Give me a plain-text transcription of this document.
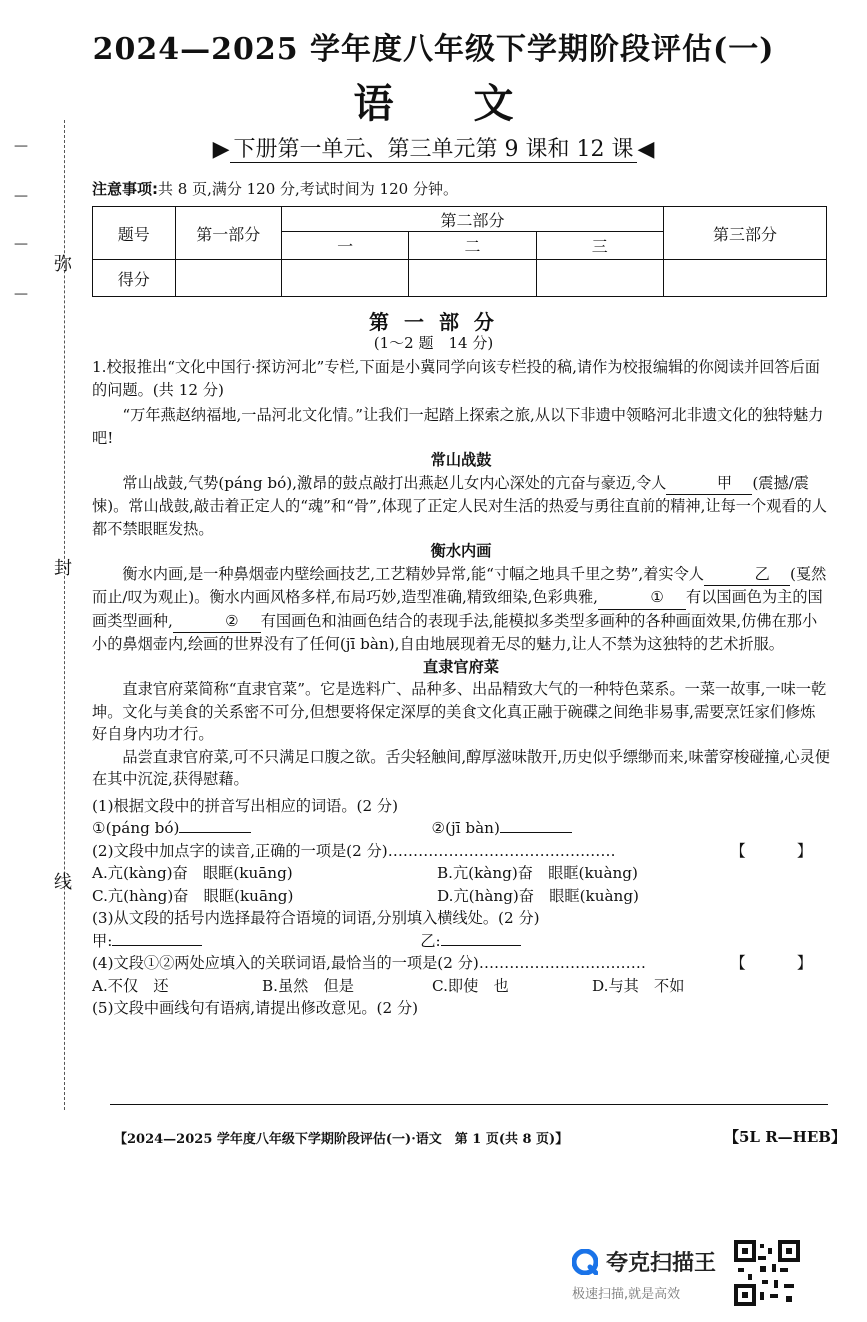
2024—2025 学年度八年级下学期阶段评估(一)
语文
▶ 下册第一单元、第三单元第 9 课和 12 课 ◀
注意事项:共 8 页,满分 120 分,考试时间为 120 分钟。
弥
封
线
—
—
—
—
题号	第一部分	第二部分			第三部分
		一	二	三	
得分					
第 一 部 分
(1～2 题　14 分)

1.校报推出“文化中国行·探访河北”专栏,下面是小冀同学向该专栏投的稿,请作为校报编辑的你阅读并回答后面的问题。(共 12 分)

“万年燕赵纳福地,一品河北文化情。”让我们一起踏上探索之旅,从以下非遗中领略河北非遗文化的独特魅力吧!

常山战鼓

常山战鼓,气势(páng bó),激昂的鼓点敲打出燕赵儿女内心深处的亢奋与豪迈,令人	甲 (震撼/震悚)。常山战鼓,敲击着正定人的“魂”和“骨”,体现了正定人民对生活的热爱与勇往直前的精神,让每一个观看的人都不禁眼眶发热。

衡水内画

衡水内画,是一种鼻烟壶内壁绘画技艺,工艺精妙异常,能“寸幅之地具千里之势”,着实令人	乙 (戛然而止/叹为观止)。衡水内画风格多样,布局巧妙,造型准确,精致细染,色彩典雅,	① 有以国画色为主的国画类型画种,	② 有国画色和油画色结合的表现手法,能模拟多类型多画种的各种画面效果,仿佛在那小小的鼻烟壶内,绘画的世界没有了任何(jī bàn),自由地展现着无尽的魅力,让人不禁为这独特的艺术折服。

直隶官府菜

直隶官府菜简称“直隶官菜”。它是选料广、品种多、出品精致大气的一种特色菜系。一菜一故事,一味一乾坤。文化与美食的关系密不可分,但想要将保定深厚的美食文化真正融于碗碟之间绝非易事,需要烹饪家们修炼好自身内功才行。

品尝直隶官府菜,可不只满足口腹之欲。舌尖轻触间,醇厚滋味散开,历史似乎缥缈而来,味蕾穿梭碰撞,心灵便在其中沉淀,获得慰藉。

(1)根据文段中的拼音写出相应的词语。(2 分)

①(páng bó)	②(jī bàn)

(2)文段中加点字的读音,正确的一项是(2 分)………………………………………	【　】

A.亢(kàng)奋　眼眶(kuāng)	B.亢(kàng)奋　眼眶(kuàng)
C.亢(hàng)奋　眼眶(kuāng)	D.亢(hàng)奋　眼眶(kuàng)

(3)从文段的括号内选择最符合语境的词语,分别填入横线处。(2 分)

甲:	乙:

(4)文段①②两处应填入的关联词语,最恰当的一项是(2 分)……………………………	【　】

A.不仅　还	B.虽然　但是	C.即使　也	D.与其　不如

(5)文段中画线句有语病,请提出修改意见。(2 分)

【2024—2025 学年度八年级下学期阶段评估(一)·语文　第 1 页(共 8 页)】	【5L R—HEB】
夸克扫描王
极速扫描,就是高效
